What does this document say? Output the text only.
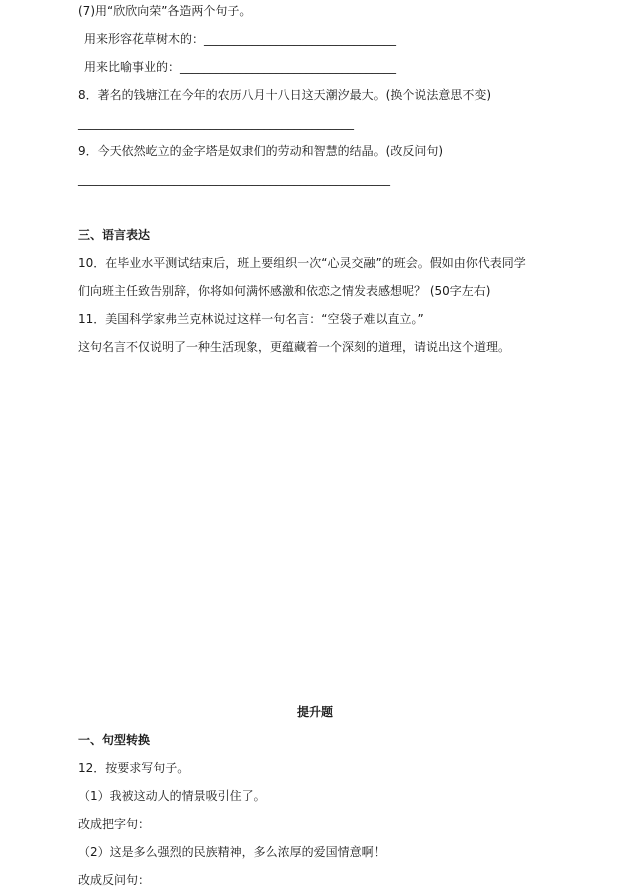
(7)用“欣欣向荣”各造两个句子。
用来形容花草树木的：________________________________
用来比喻事业的：____________________________________
8．著名的钱塘江在今年的农历八月十八日这天潮汐最大。(换个说法意思不变)
______________________________________________
9．今天依然屹立的金字塔是奴隶们的劳动和智慧的结晶。(改反问句)
____________________________________________________
三、语言表达
10．在毕业水平测试结束后，班上要组织一次“心灵交融”的班会。假如由你代表同学
们向班主任致告别辞，你将如何满怀感激和依恋之情发表感想呢？ (50字左右)
11．美国科学家弗兰克林说过这样一句名言：“空袋子难以直立。”
这句名言不仅说明了一种生活现象，更蕴藏着一个深刻的道理，请说出这个道理。
提升题
一、句型转换
12．按要求写句子。
（1）我被这动人的情景吸引住了。
改成把字句：
（2）这是多么强烈的民族精神，多么浓厚的爱国情意啊！
改成反问句：
